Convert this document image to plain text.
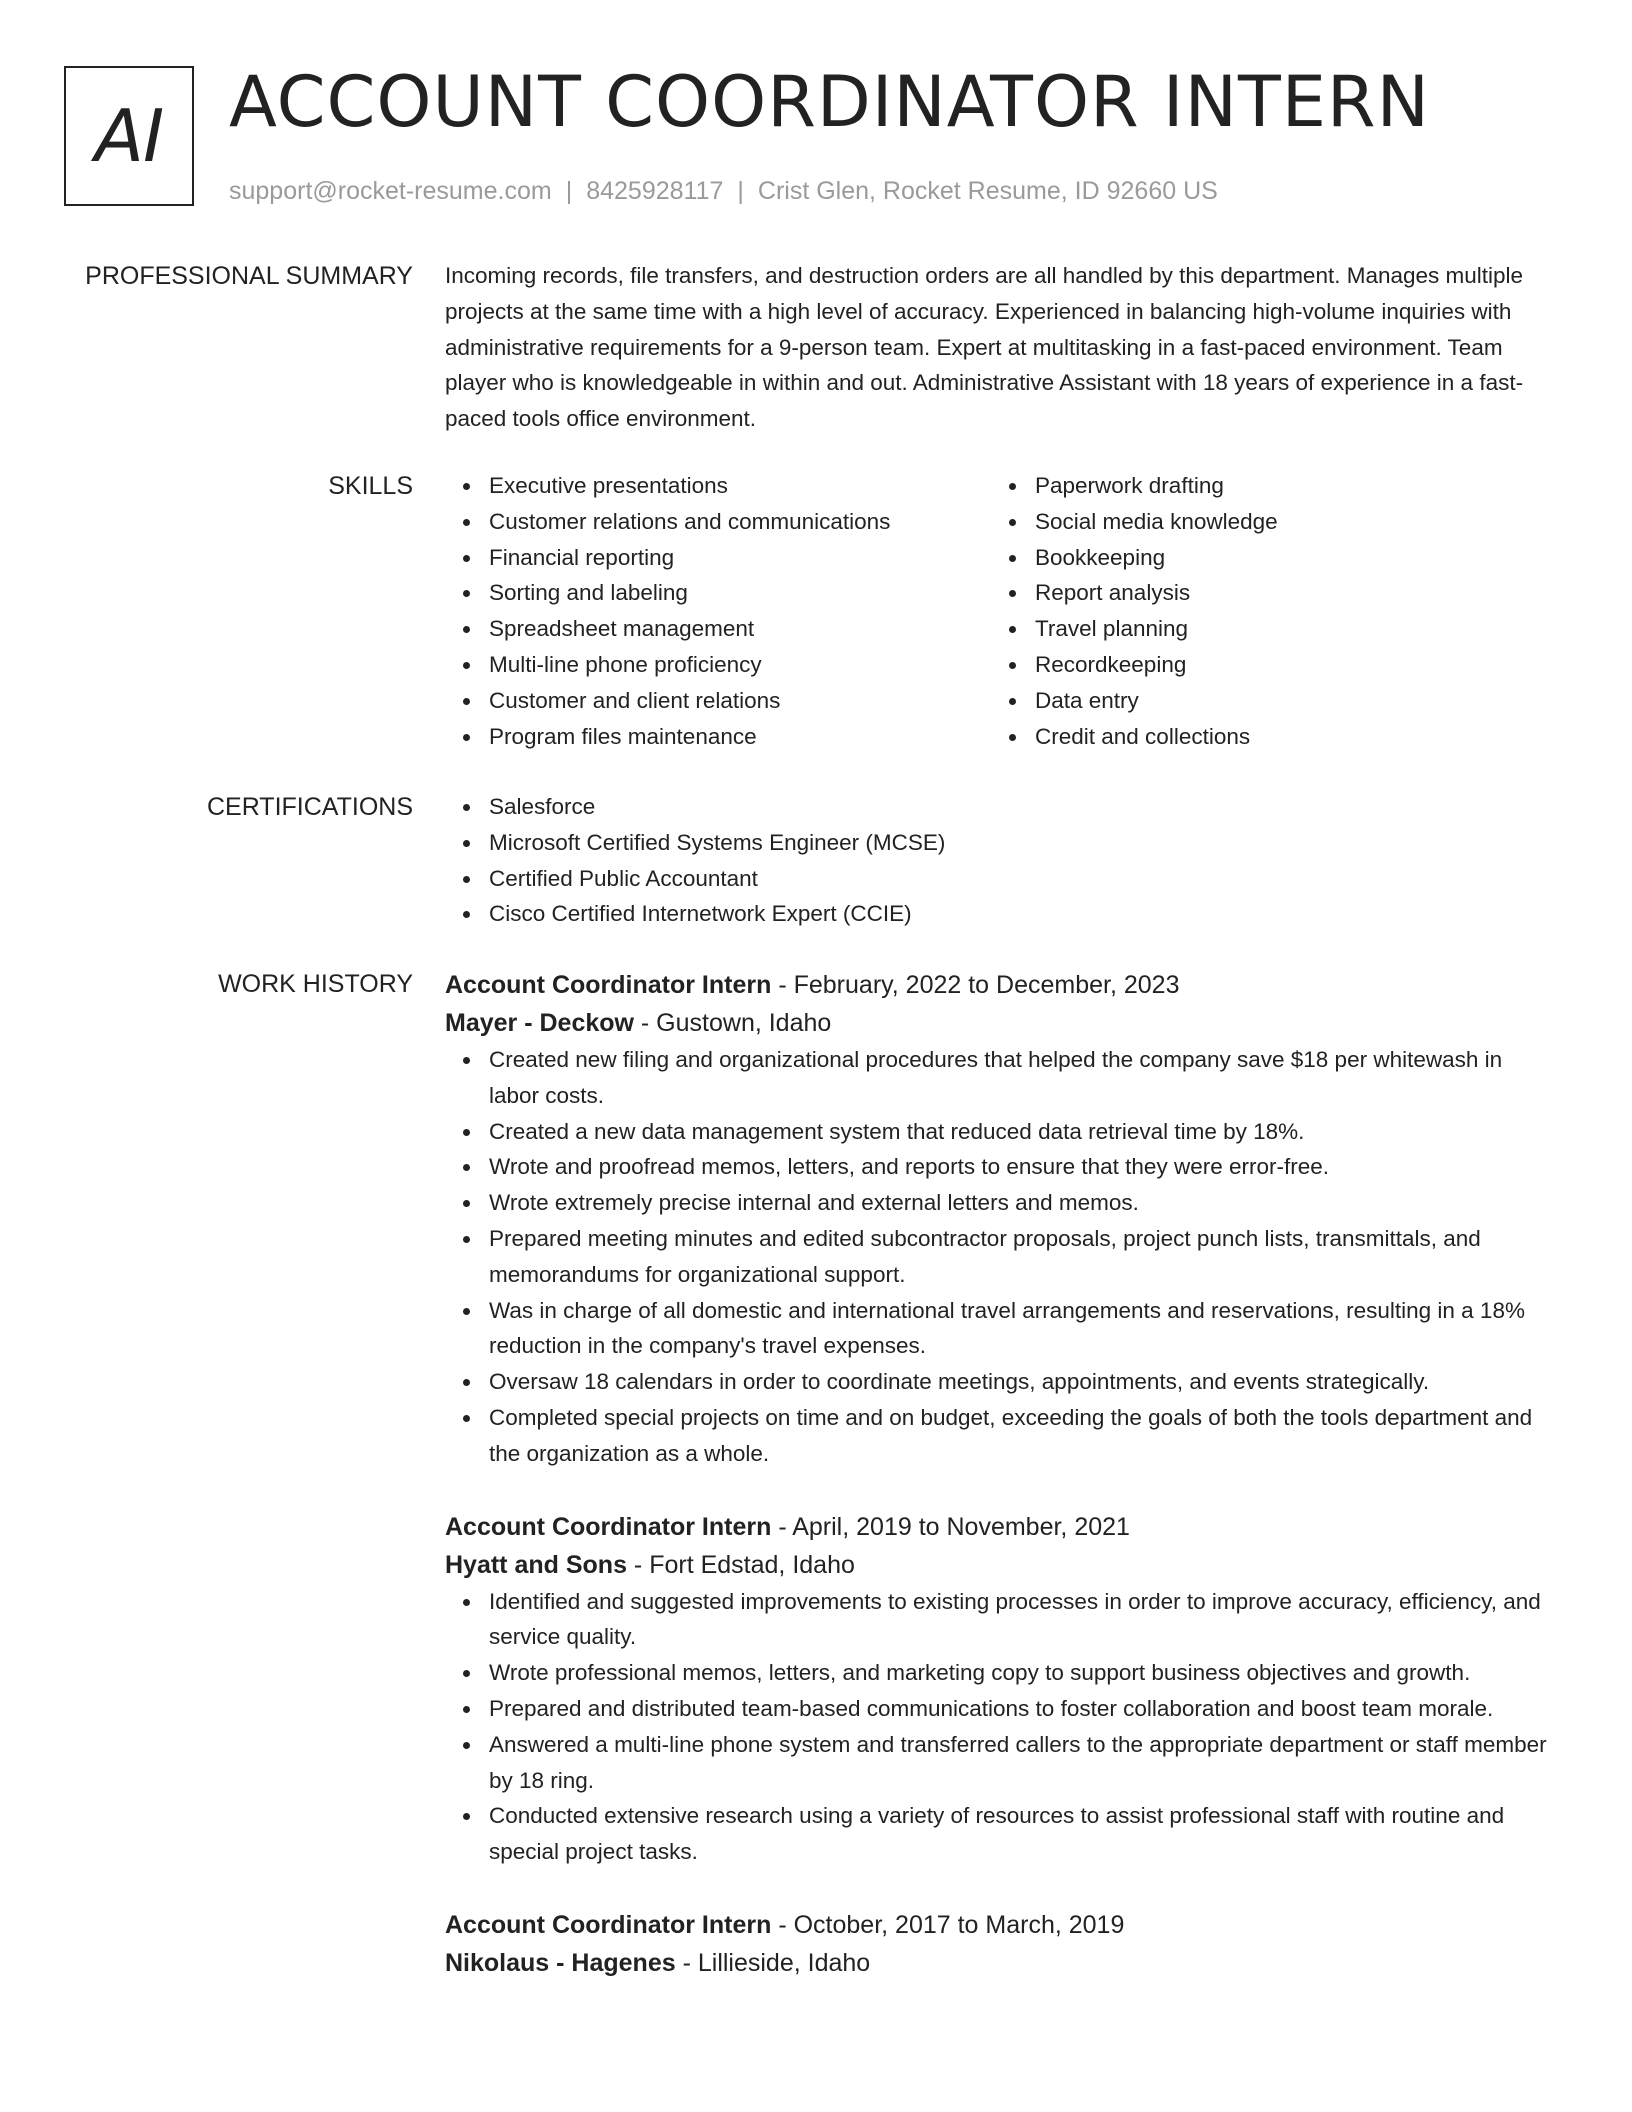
AI ACCOUNT COORDINATOR INTERN
support@rocket-resume.com | 8425928117 | Crist Glen, Rocket Resume, ID 92660 US
PROFESSIONAL SUMMARY Incoming records, file transfers, and destruction orders are all handled by this department. Manages multiple projects at the same time with a high level of accuracy. Experienced in balancing high-volume inquiries with administrative requirements for a 9-person team. Expert at multitasking in a fast-paced environment. Team player who is knowledgeable in within and out. Administrative Assistant with 18 years of experience in a fast-paced tools office environment.

SKILLS	Executive presentations
Customer relations and communications
Financial reporting
Sorting and labeling
Spreadsheet management
Multi-line phone proficiency
Customer and client relations
Program files maintenance
Paperwork drafting
Social media knowledge
Bookkeeping
Report analysis
Travel planning
Recordkeeping
Data entry
Credit and collections
CERTIFICATIONS	Salesforce
Microsoft Certified Systems Engineer (MCSE)
Certified Public Accountant
Cisco Certified Internetwork Expert (CCIE)
WORK HISTORY Account Coordinator Intern - February, 2022 to December, 2023
Mayer - Deckow - Gustown, Idaho
Created new filing and organizational procedures that helped the company save $18 per whitewash in labor costs.
Created a new data management system that reduced data retrieval time by 18%.
Wrote and proofread memos, letters, and reports to ensure that they were error-free.
Wrote extremely precise internal and external letters and memos.
Prepared meeting minutes and edited subcontractor proposals, project punch lists, transmittals, and memorandums for organizational support.
Was in charge of all domestic and international travel arrangements and reservations, resulting in a 18% reduction in the company's travel expenses.
Oversaw 18 calendars in order to coordinate meetings, appointments, and events strategically.
Completed special projects on time and on budget, exceeding the goals of both the tools department and the organization as a whole.
Account Coordinator Intern - April, 2019 to November, 2021
Hyatt and Sons - Fort Edstad, Idaho
Identified and suggested improvements to existing processes in order to improve accuracy, efficiency, and service quality.
Wrote professional memos, letters, and marketing copy to support business objectives and growth.
Prepared and distributed team-based communications to foster collaboration and boost team morale.
Answered a multi-line phone system and transferred callers to the appropriate department or staff member by 18 ring.
Conducted extensive research using a variety of resources to assist professional staff with routine and special project tasks.
Account Coordinator Intern - October, 2017 to March, 2019
Nikolaus - Hagenes - Lillieside, Idaho
